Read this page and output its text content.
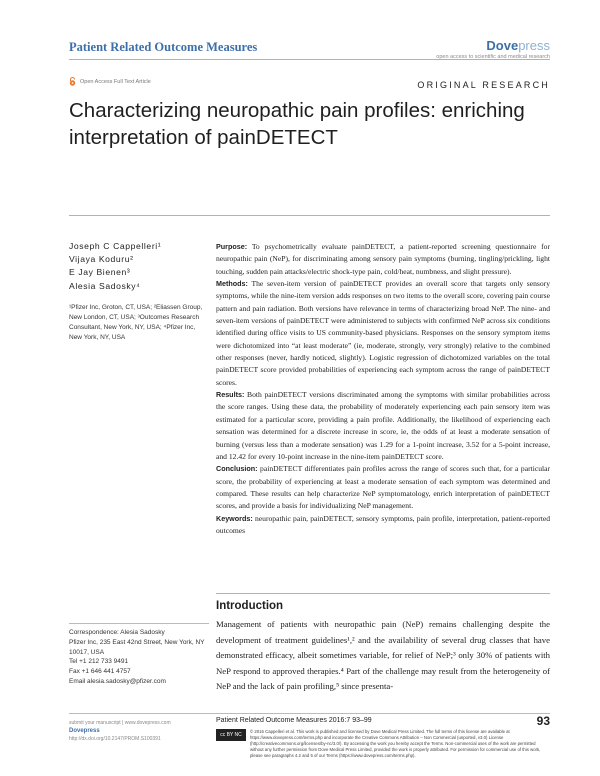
Patient Related Outcome Measures	Dovepress
open access to scientific and medical research
Open Access Full Text Article	ORIGINAL RESEARCH
Characterizing neuropathic pain profiles: enriching interpretation of painDETECT
Joseph C Cappelleri¹
Vijaya Koduru²
E Jay Bienen³
Alesia Sadosky⁴
¹Pfizer Inc, Groton, CT, USA; ²Eliassen Group, New London, CT, USA; ³Outcomes Research Consultant, New York, NY, USA; ⁴Pfizer Inc, New York, NY, USA

Purpose: To psychometrically evaluate painDETECT, a patient-reported screening questionnaire for neuropathic pain (NeP), for discriminating among sensory pain symptoms (burning, tingling/prickling, light touching, sudden pain attacks/electric shock-type pain, cold/heat, numbness, and slight pressure).

Methods: The seven-item version of painDETECT provides an overall score that targets only sensory symptoms, while the nine-item version adds responses on two items to the overall score, covering pain course pattern and pain radiation. Both versions have relevance in terms of characterizing broad NeP. The nine- and seven-item versions of painDETECT were administered to subjects with confirmed NeP across six conditions identified during office visits to US community-based physicians. Responses on the sensory symptom items were dichotomized into “at least moderate” (ie, moderate, strongly, very strongly) relative to the combined other responses (never, hardly noticed, slightly). Logistic regression of dichotomized variables on the total painDETECT score provided probabilities of experiencing each symptom across the range of painDETECT scores.

Results: Both painDETECT versions discriminated among the symptoms with similar probabilities across the score ranges. Using these data, the probability of moderately experiencing each pain sensory item was estimated for a particular score, providing a pain profile. Additionally, the likelihood of experiencing each sensation was determined for a discrete increase in score, ie, the odds of at least a moderate sensation of burning (versus less than a moderate sensation) was 1.29 for a 1-point increase, 3.52 for a 5-point increase, and 12.42 for every 10-point increase in the nine-item painDETECT score.

Conclusion: painDETECT differentiates pain profiles across the range of scores such that, for a particular score, the probability of experiencing at least a moderate sensation of each symptom was determined and compared. These results can help characterize NeP symptomatology, enrich interpretation of painDETECT scores, and provide a basis for individualizing NeP management.

Keywords: neuropathic pain, painDETECT, sensory symptoms, pain profile, interpretation, patient-reported outcomes

Introduction
Management of patients with neuropathic pain (NeP) remains challenging despite the development of treatment guidelines¹,² and the availability of several drug classes that have demonstrated efficacy, albeit sometimes variable, for relief of NeP;³ only 30% of patients with NeP respond to approved therapies.⁴ Part of the challenge may result from the heterogeneity of NeP and the lack of pain profiling,⁵ since presenta-
Correspondence: Alesia Sadosky
Pfizer Inc, 235 East 42nd Street, New York, NY 10017, USA
Tel +1 212 733 9491
Fax +1 646 441 4757
Email alesia.sadosky@pfizer.com
submit your manuscript | www.dovepress.com
Dovepress
http://dx.doi.org/10.2147/PROM.S100391
Patient Related Outcome Measures 2016:7 93–99	93
cc BY NC
© 2016 Cappelleri et al. This work is published and licensed by Dove Medical Press Limited. The full terms of this license are available at https://www.dovepress.com/terms.php and incorporate the Creative Commons Attribution – Non Commercial (unported, v3.0) License (http://creativecommons.org/licenses/by-nc/3.0/). By accessing the work you hereby accept the Terms. Non-commercial uses of the work are permitted without any further permission from Dove Medical Press Limited, provided the work is properly attributed. For permission for commercial use of this work, please see paragraphs 4.2 and 5 of our Terms (https://www.dovepress.com/terms.php).
